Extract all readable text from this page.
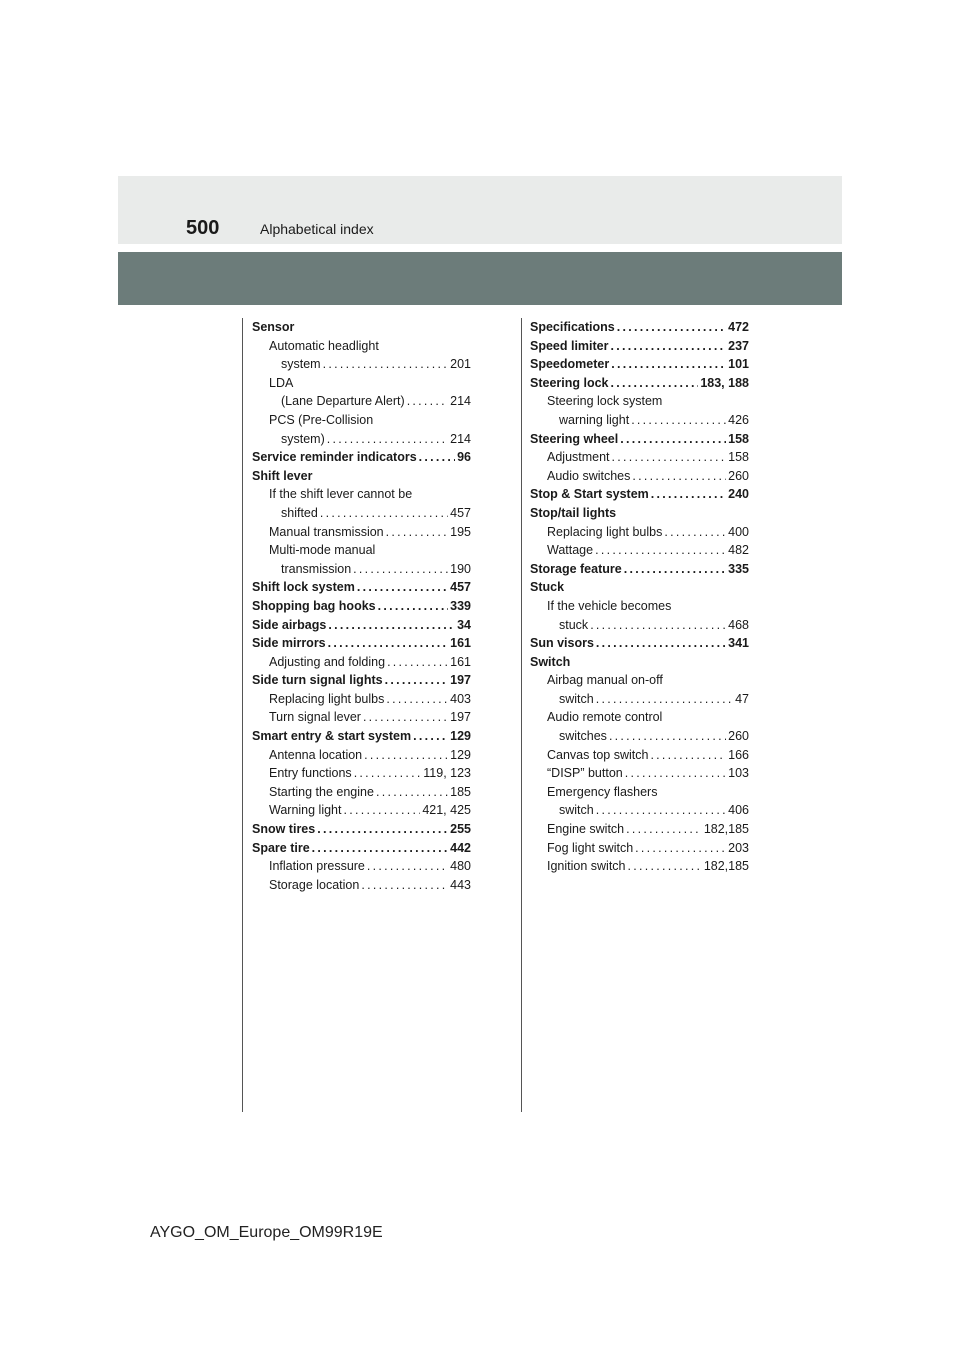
500	Alphabetical index
Sensor
Automatic headlight
system . . .	201
LDA
(Lane Departure Alert) . . .	214
PCS (Pre-Collision
system) . . .	214
Service reminder indicators . . .	96
Shift lever
If the shift lever cannot be
shifted . . .	457
Manual transmission . . .	195
Multi-mode manual
transmission . . .	190
Shift lock system . . .	457
Shopping bag hooks . . .	339
Side airbags . . .	34
Side mirrors . . .	161
Adjusting and folding . . .	161
Side turn signal lights . . .	197
Replacing light bulbs . . .	403
Turn signal lever . . .	197
Smart entry & start system . . .	129
Antenna location . . .	129
Entry functions . . .	119, 123
Starting the engine . . .	185
Warning light . . .	421, 425
Snow tires . . .	255
Spare tire . . .	442
Inflation pressure . . .	480
Storage location . . .	443
Specifications . . .	472
Speed limiter . . .	237
Speedometer . . .	101
Steering lock . . .	183, 188
Steering lock system
warning light . . .	426
Steering wheel . . .	158
Adjustment . . .	158
Audio switches . . .	260
Stop & Start system . . .	240
Stop/tail lights
Replacing light bulbs . . .	400
Wattage . . .	482
Storage feature . . .	335
Stuck
If the vehicle becomes
stuck . . .	468
Sun visors . . .	341
Switch
Airbag manual on-off
switch . . .	47
Audio remote control
switches . . .	260
Canvas top switch . . .	166
“DISP” button . . .	103
Emergency flashers
switch . . .	406
Engine switch . . .	182,185
Fog light switch . . .	203
Ignition switch . . .	182,185
AYGO_OM_Europe_OM99R19E
